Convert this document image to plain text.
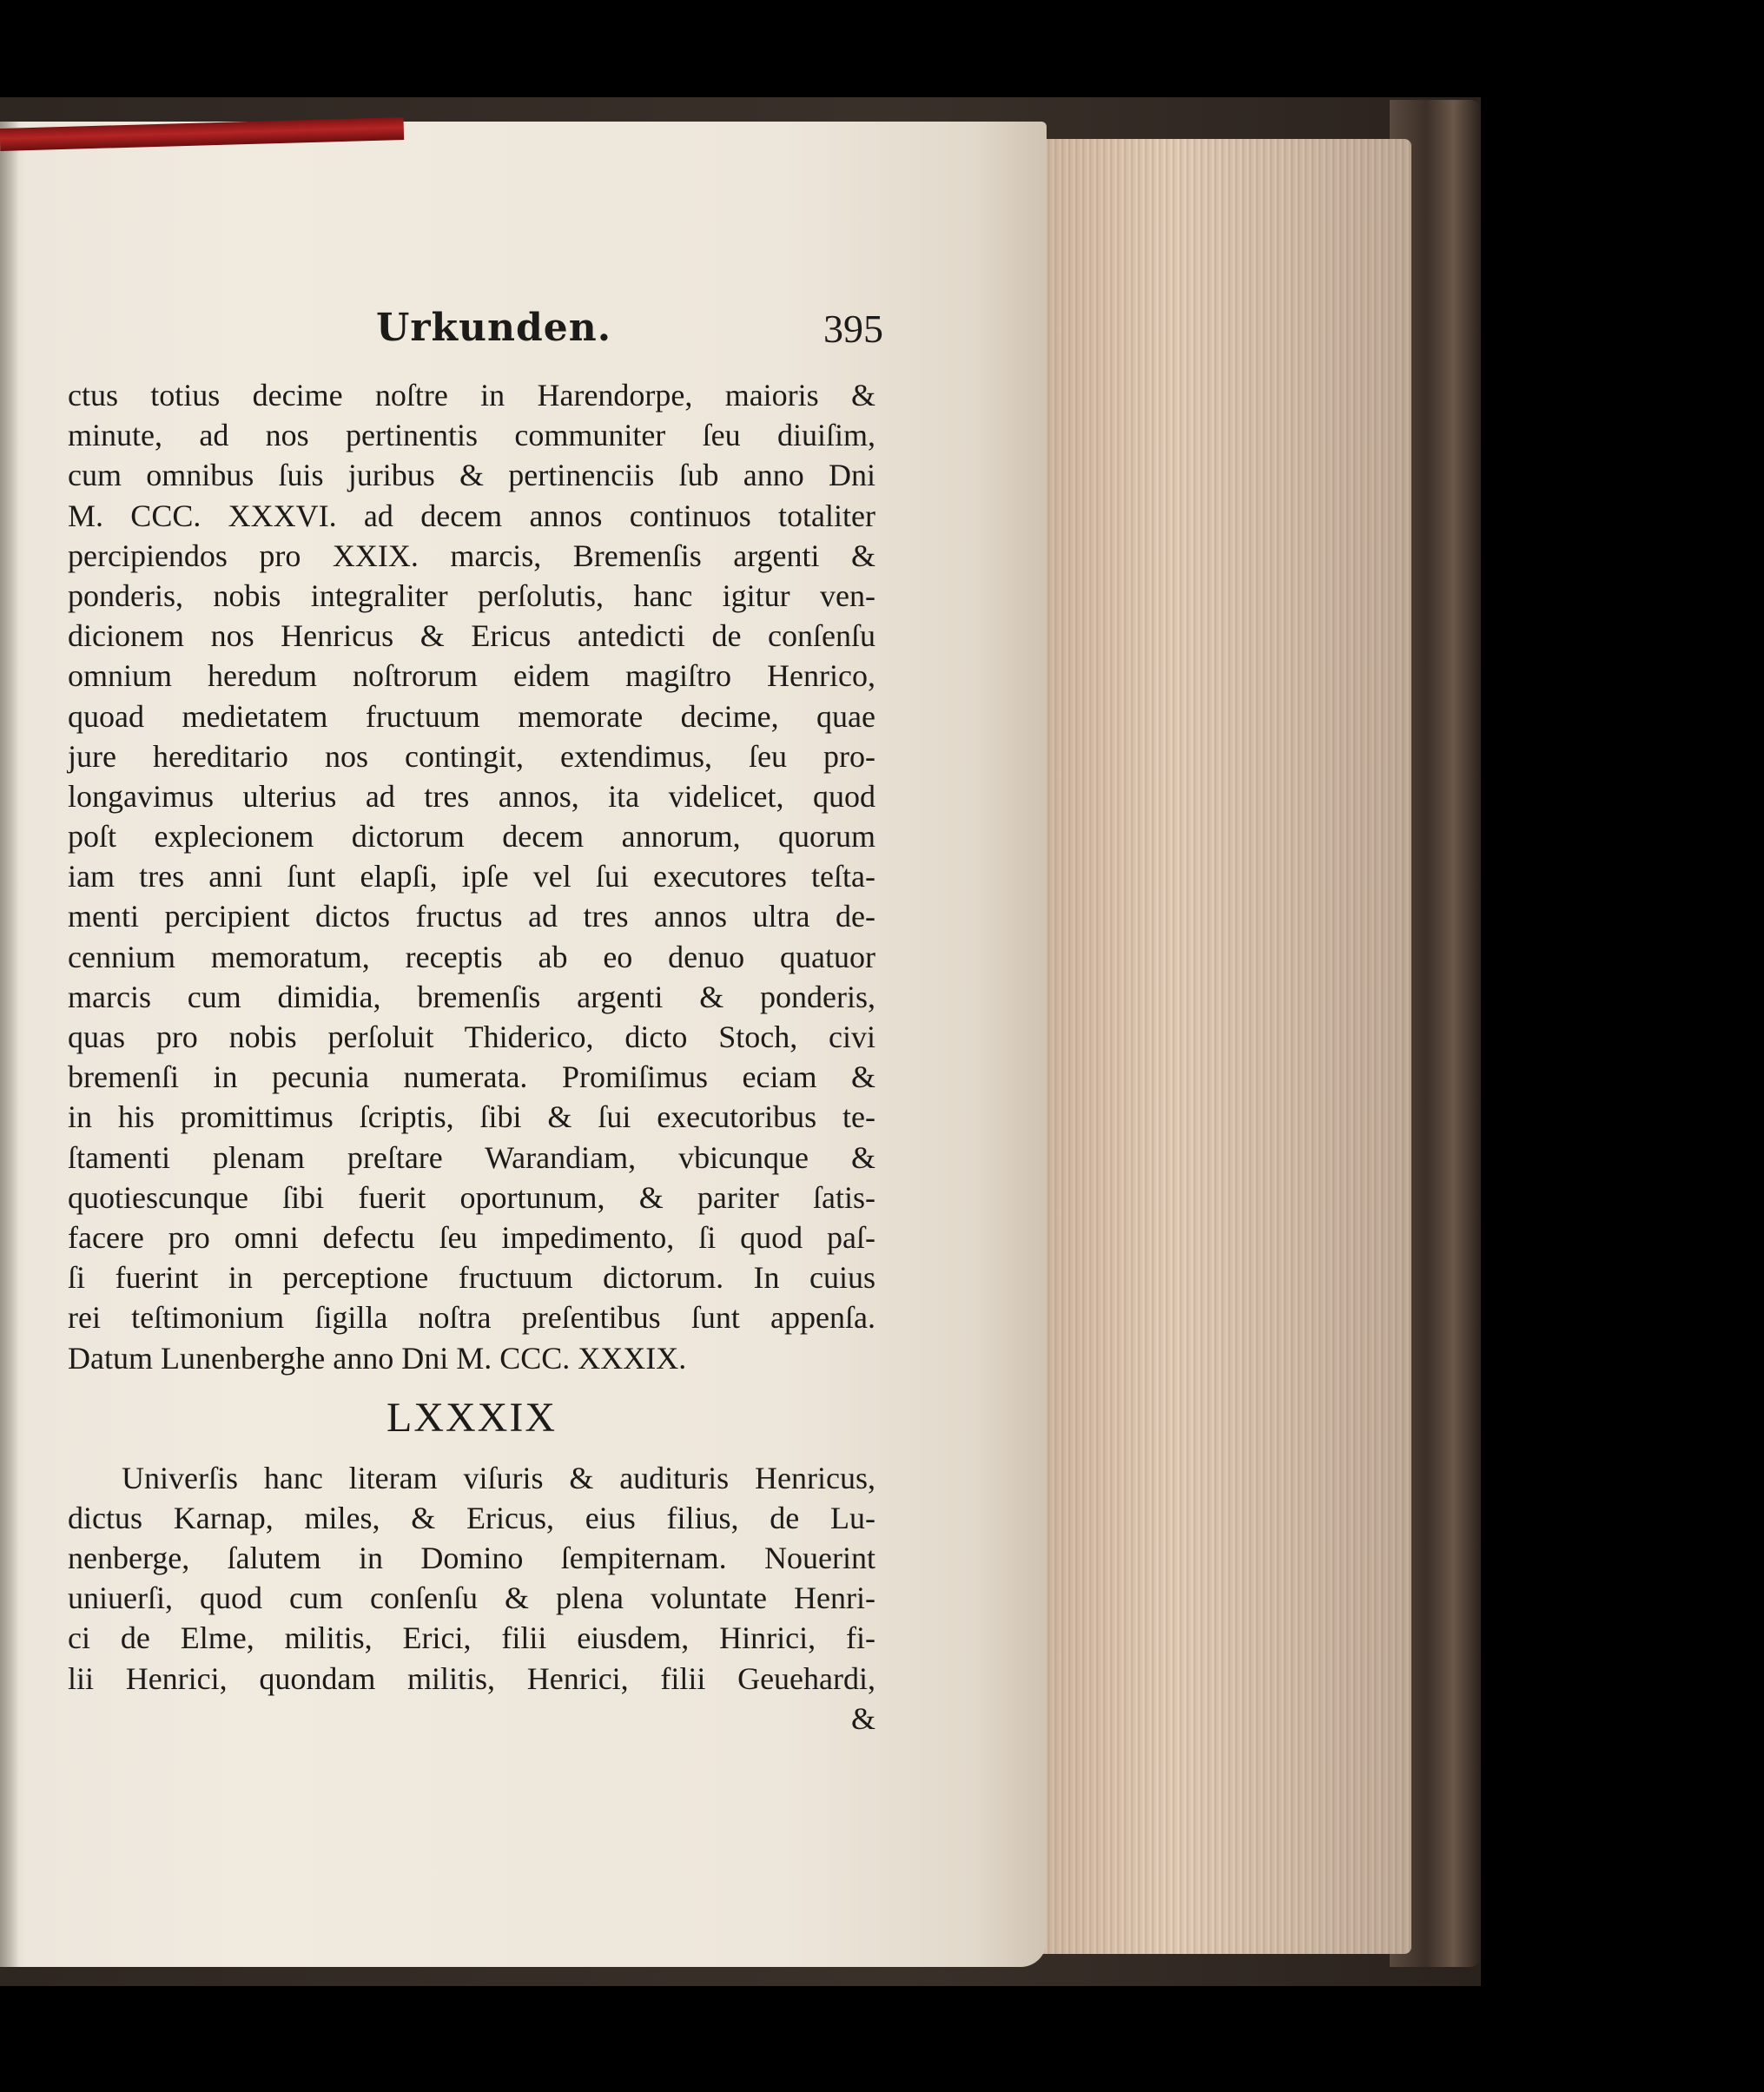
Urkunden.	395
ctus totius decime noſtre in Harendorpe, maioris &
minute, ad nos pertinentis communiter ſeu diuiſim,
cum omnibus ſuis juribus & pertinenciis ſub anno Dni
M. CCC. XXXVI. ad decem annos continuos totaliter
percipiendos pro XXIX. marcis, Bremenſis argenti &
ponderis, nobis integraliter perſolutis, hanc igitur ven-
dicionem nos Henricus & Ericus antedicti de conſenſu
omnium heredum noſtrorum eidem magiſtro Henrico,
quoad medietatem fructuum memorate decime, quae
jure hereditario nos contingit, extendimus, ſeu pro-
longavimus ulterius ad tres annos, ita videlicet, quod
poſt explecionem dictorum decem annorum, quorum
iam tres anni ſunt elapſi, ipſe vel ſui executores teſta-
menti percipient dictos fructus ad tres annos ultra de-
cennium memoratum, receptis ab eo denuo quatuor
marcis cum dimidia, bremenſis argenti & ponderis,
quas pro nobis perſoluit Thiderico, dicto Stoch, civi
bremenſi in pecunia numerata. Promiſimus eciam &
in his promittimus ſcriptis, ſibi & ſui executoribus te-
ſtamenti plenam preſtare Warandiam, vbicunque &
quotiescunque ſibi fuerit oportunum, & pariter ſatis-
facere pro omni defectu ſeu impedimento, ſi quod paſ-
ſi fuerint in perceptione fructuum dictorum. In cuius
rei teſtimonium ſigilla noſtra preſentibus ſunt appenſa.
Datum Lunenberghe anno Dni M. CCC. XXXIX.
LXXXIX
Univerſis hanc literam viſuris & audituris Henricus,
dictus Karnap, miles, & Ericus, eius filius, de Lu-
nenberge, ſalutem in Domino ſempiternam. Nouerint
uniuerſi, quod cum conſenſu & plena voluntate Henri-
ci de Elme, militis, Erici, filii eiusdem, Hinrici, fi-
lii Henrici, quondam militis, Henrici, filii Geuehardi,
&
